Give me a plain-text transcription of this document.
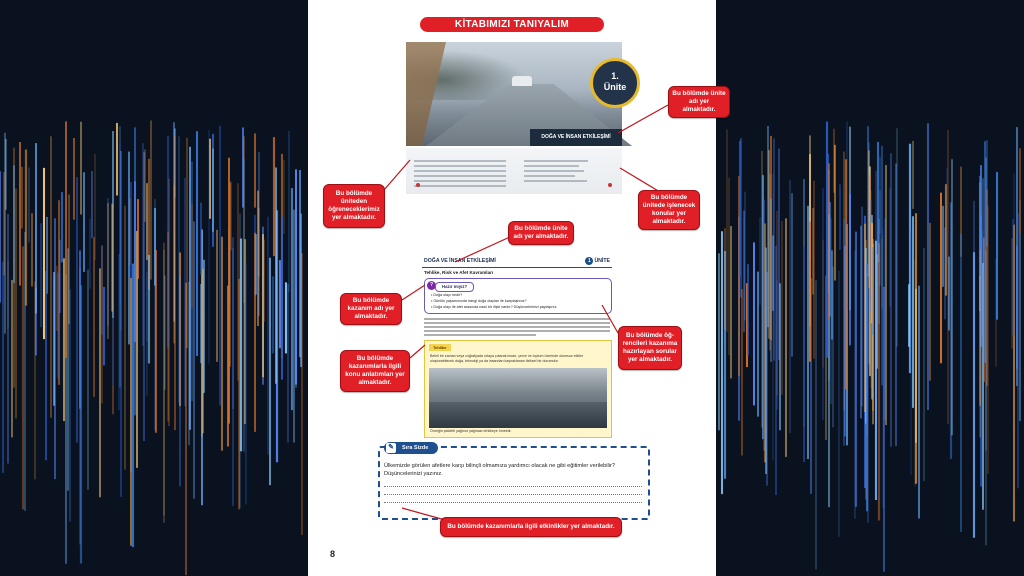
KİTABIMIZI TANIYALIM
1.
Ünite
DOĞA VE İNSAN ETKİLEŞİMİ
DOĞA VE İNSAN ETKİLEŞİMİ	1 ÜNİTE
Tehlike, Risk ve Afet Kavramları
?	Hazır mıyız?
• Doğa olayı nedir?
• Günlük yaşamınızda hangi doğa olayları ile karşılaştınız?
• Doğa olayı ile afet arasında nasıl bir ilişki vardır? Düşüncelerinizi paylaşınız.
Tehlike
Belirli bir zaman veya coğrafyada ortaya çıkarak insan, çevre ve toplum üzerinde olumsuz etkiler oluşturabilecek doğa, teknoloji ya da insandan kaynaklanan fiziksel bir durumdur.
Örneğin şiddetli yağmur yağması tehlikeye örnektir.
✎	Sıra Sizde
Ülkemizde görülen afetlere karşı bilinçli olmamıza yardımcı olacak ne gibi eğitimler verilebilir? Düşüncelerinizi yazınız.
8
Bu bölümde ünite adı yer almaktadır.
Bu bölümde üniteden öğreneceklerimiz yer almaktadır.
Bu bölümde ünitede işlenecek konular yer almaktadır.
Bu bölümde ünite adı yer almaktadır.
Bu bölümde kazanım adı yer almaktadır.
Bu bölümde öğ-rencileri kazanıma hazırlayan sorular yer almaktadır.
Bu bölümde kazanımlarla ilgili konu anlatımları yer almaktadır.
Bu bölümde kazanımlarla ilgili etkinlikler yer almaktadır.
